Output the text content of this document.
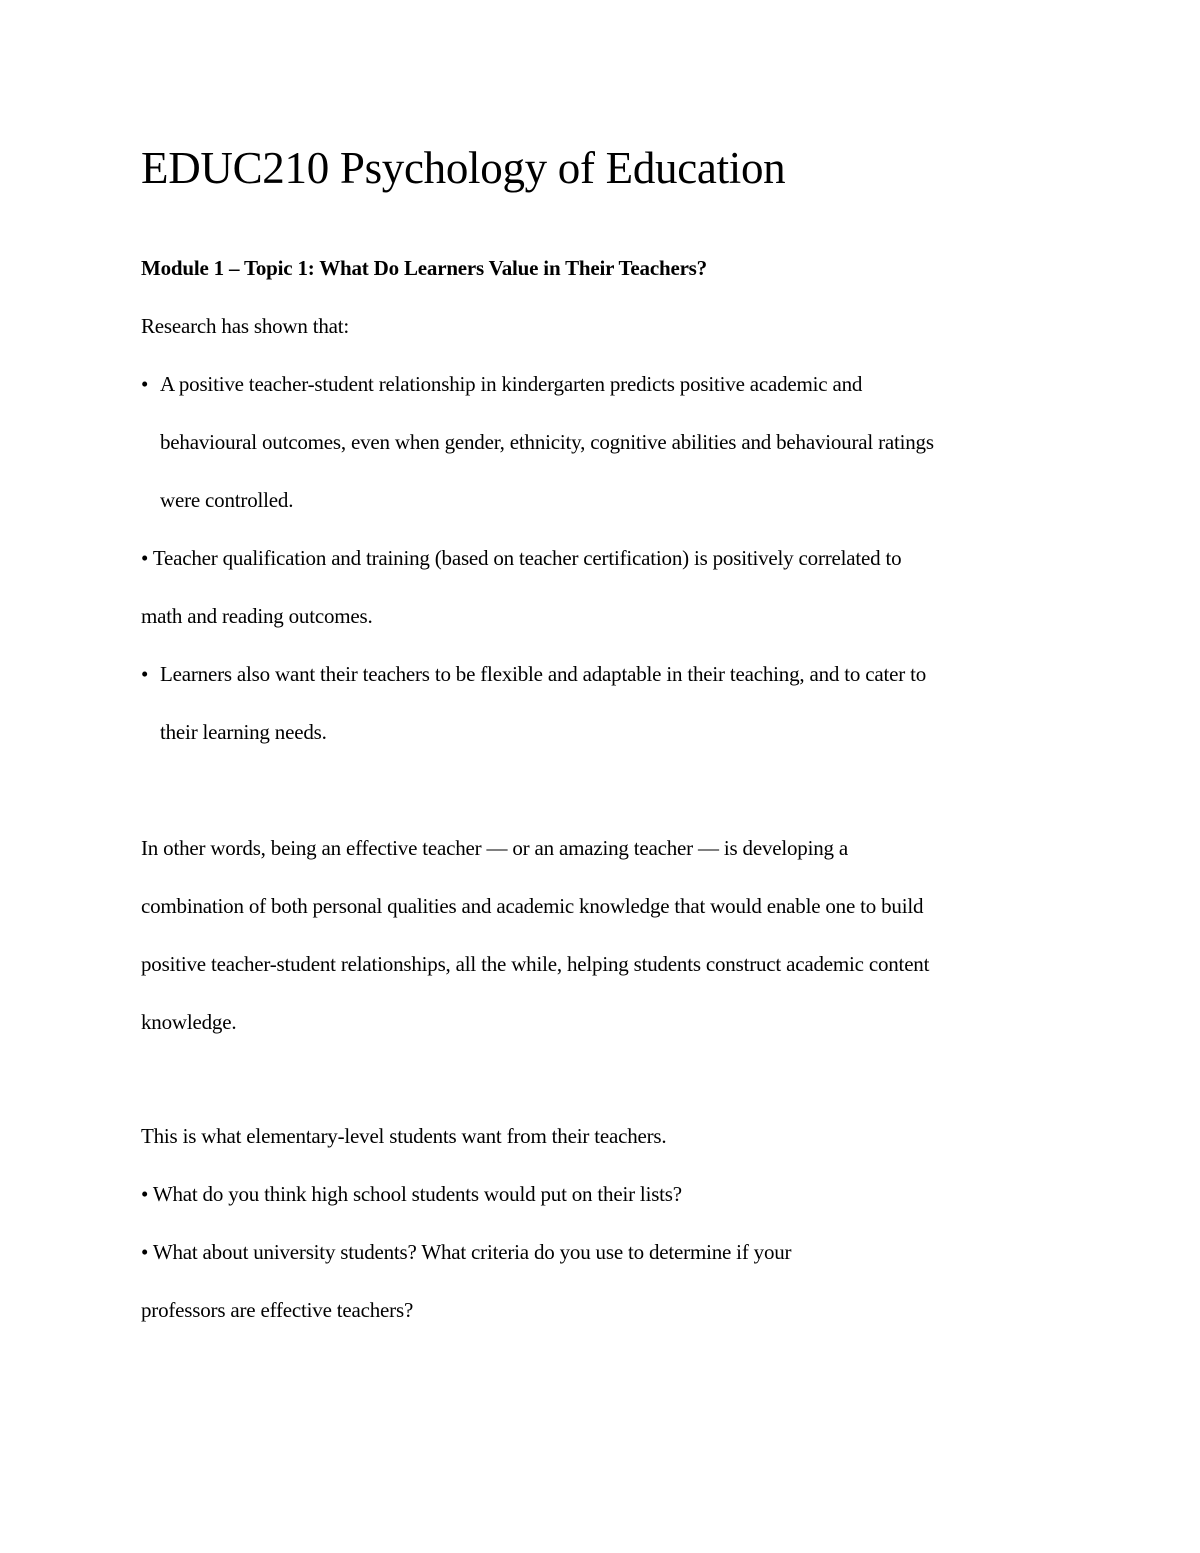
EDUC210 Psychology of Education
Module 1 – Topic 1: What Do Learners Value in Their Teachers?
Research has shown that:
• A positive teacher-student relationship in kindergarten predicts positive academic and
behavioural outcomes, even when gender, ethnicity, cognitive abilities and behavioural ratings
were controlled.
• Teacher qualification and training (based on teacher certification) is positively correlated to
math and reading outcomes.
• Learners also want their teachers to be flexible and adaptable in their teaching, and to cater to
their learning needs.
In other words, being an effective teacher — or an amazing teacher — is developing a
combination of both personal qualities and academic knowledge that would enable one to build
positive teacher-student relationships, all the while, helping students construct academic content
knowledge.
This is what elementary-level students want from their teachers.
• What do you think high school students would put on their lists?
• What about university students? What criteria do you use to determine if your
professors are effective teachers?
